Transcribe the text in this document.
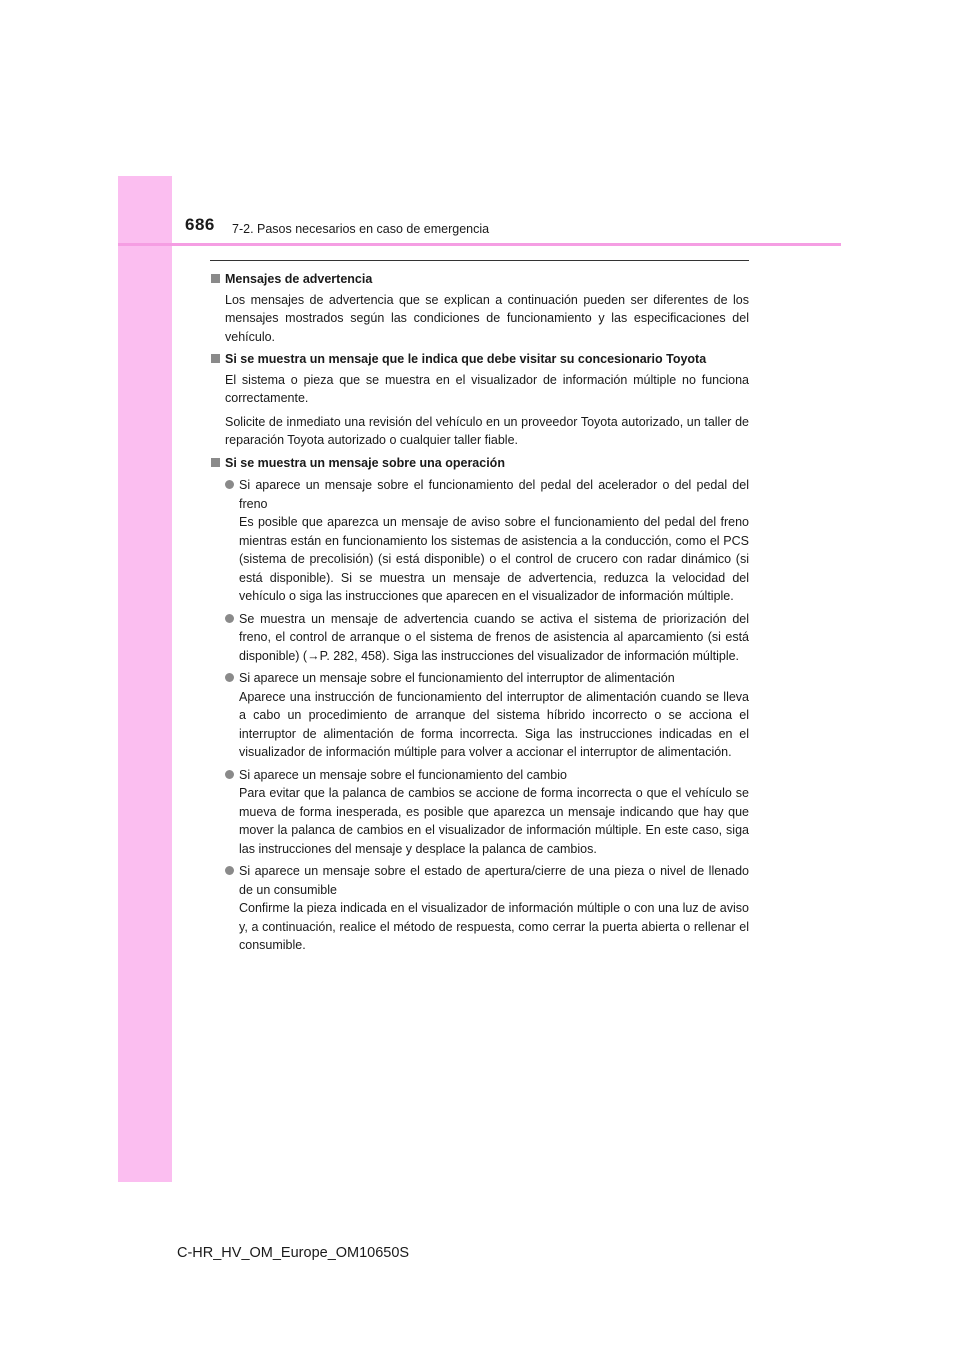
686 7-2. Pasos necesarios en caso de emergencia
Mensajes de advertencia
Los mensajes de advertencia que se explican a continuación pueden ser diferentes de los mensajes mostrados según las condiciones de funcionamiento y las especificaciones del vehículo.
Si se muestra un mensaje que le indica que debe visitar su concesionario Toyota
El sistema o pieza que se muestra en el visualizador de información múltiple no funciona correctamente.
Solicite de inmediato una revisión del vehículo en un proveedor Toyota autorizado, un taller de reparación Toyota autorizado o cualquier taller fiable.
Si se muestra un mensaje sobre una operación
Si aparece un mensaje sobre el funcionamiento del pedal del acelerador o del pedal del freno
Es posible que aparezca un mensaje de aviso sobre el funcionamiento del pedal del freno mientras están en funcionamiento los sistemas de asistencia a la conducción, como el PCS (sistema de precolisión) (si está disponible) o el control de crucero con radar dinámico (si está disponible). Si se muestra un mensaje de advertencia, reduzca la velocidad del vehículo o siga las instrucciones que aparecen en el visualizador de información múltiple.
Se muestra un mensaje de advertencia cuando se activa el sistema de priorización del freno, el control de arranque o el sistema de frenos de asistencia al aparcamiento (si está disponible) (→P. 282, 458). Siga las instrucciones del visualizador de información múltiple.
Si aparece un mensaje sobre el funcionamiento del interruptor de alimentación
Aparece una instrucción de funcionamiento del interruptor de alimentación cuando se lleva a cabo un procedimiento de arranque del sistema híbrido incorrecto o se acciona el interruptor de alimentación de forma incorrecta. Siga las instrucciones indicadas en el visualizador de información múltiple para volver a accionar el interruptor de alimentación.
Si aparece un mensaje sobre el funcionamiento del cambio
Para evitar que la palanca de cambios se accione de forma incorrecta o que el vehículo se mueva de forma inesperada, es posible que aparezca un mensaje indicando que hay que mover la palanca de cambios en el visualizador de información múltiple. En este caso, siga las instrucciones del mensaje y desplace la palanca de cambios.
Si aparece un mensaje sobre el estado de apertura/cierre de una pieza o nivel de llenado de un consumible
Confirme la pieza indicada en el visualizador de información múltiple o con una luz de aviso y, a continuación, realice el método de respuesta, como cerrar la puerta abierta o rellenar el consumible.
C-HR_HV_OM_Europe_OM10650S
